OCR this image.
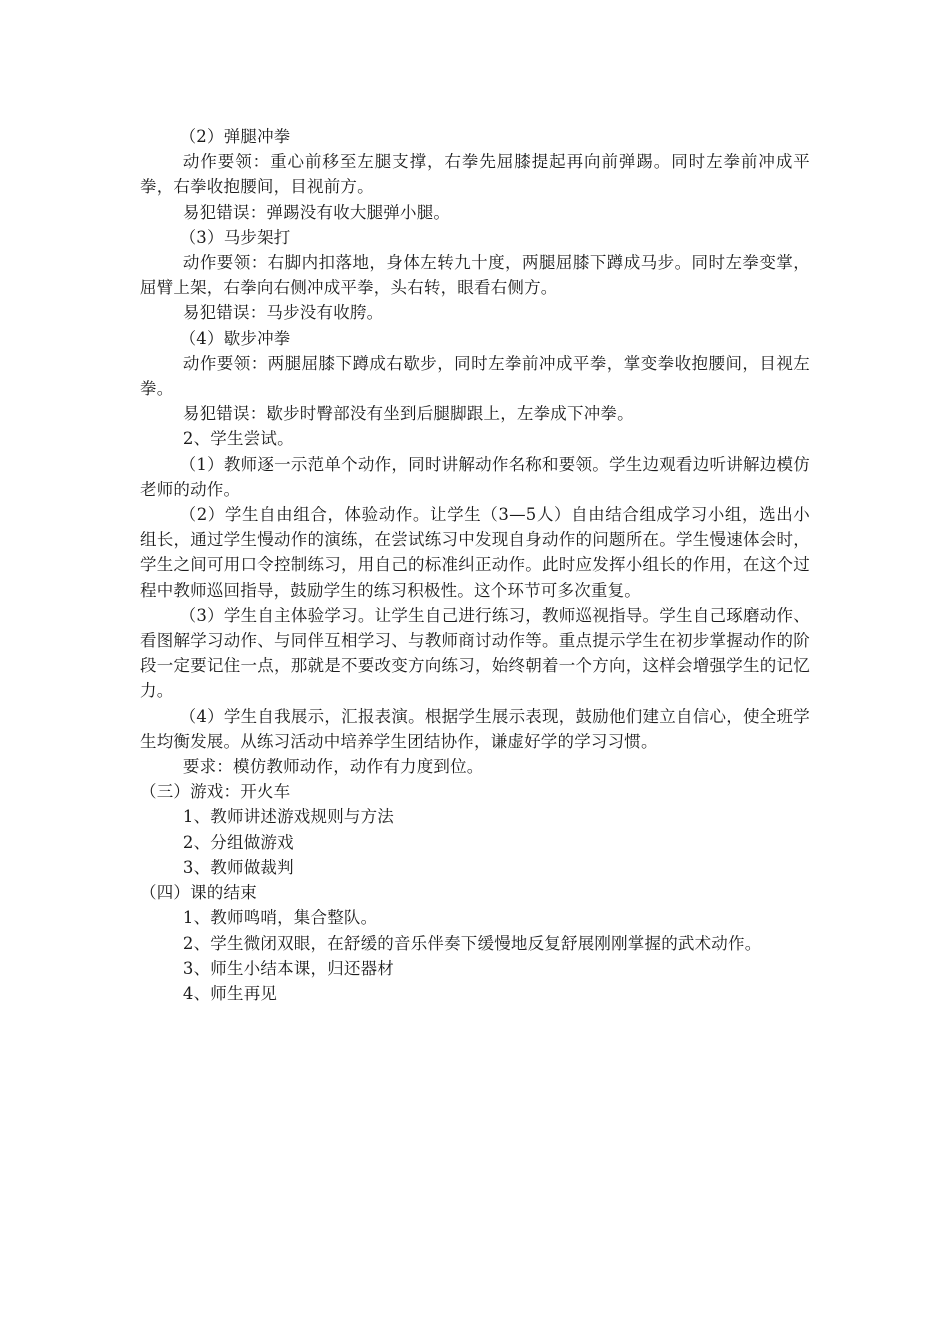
（2）弹腿冲拳

动作要领：重心前移至左腿支撑，右拳先屈膝提起再向前弹踢。同时左拳前冲成平拳，右拳收抱腰间，目视前方。

易犯错误：弹踢没有收大腿弹小腿。

（3）马步架打

动作要领：右脚内扣落地，身体左转九十度，两腿屈膝下蹲成马步。同时左拳变掌，屈臂上架，右拳向右侧冲成平拳，头右转，眼看右侧方。

易犯错误：马步没有收胯。

（4）歇步冲拳

动作要领：两腿屈膝下蹲成右歇步，同时左拳前冲成平拳，掌变拳收抱腰间，目视左拳。

易犯错误：歇步时臀部没有坐到后腿脚跟上，左拳成下冲拳。

2、学生尝试。

（1）教师逐一示范单个动作，同时讲解动作名称和要领。学生边观看边听讲解边模仿老师的动作。

（2）学生自由组合，体验动作。让学生（3—5人）自由结合组成学习小组，选出小组长，通过学生慢动作的演练，在尝试练习中发现自身动作的问题所在。学生慢速体会时，学生之间可用口令控制练习，用自己的标准纠正动作。此时应发挥小组长的作用，在这个过程中教师巡回指导，鼓励学生的练习积极性。这个环节可多次重复。

（3）学生自主体验学习。让学生自己进行练习，教师巡视指导。学生自己琢磨动作、看图解学习动作、与同伴互相学习、与教师商讨动作等。重点提示学生在初步掌握动作的阶段一定要记住一点，那就是不要改变方向练习，始终朝着一个方向，这样会增强学生的记忆力。

（4）学生自我展示，汇报表演。根据学生展示表现，鼓励他们建立自信心，使全班学生均衡发展。从练习活动中培养学生团结协作，谦虚好学的学习习惯。

要求：模仿教师动作，动作有力度到位。

（三）游戏：开火车

1、教师讲述游戏规则与方法

2、分组做游戏

3、教师做裁判

（四）课的结束

1、教师鸣哨，集合整队。

2、学生微闭双眼，在舒缓的音乐伴奏下缓慢地反复舒展刚刚掌握的武术动作。

3、师生小结本课，归还器材

4、师生再见
